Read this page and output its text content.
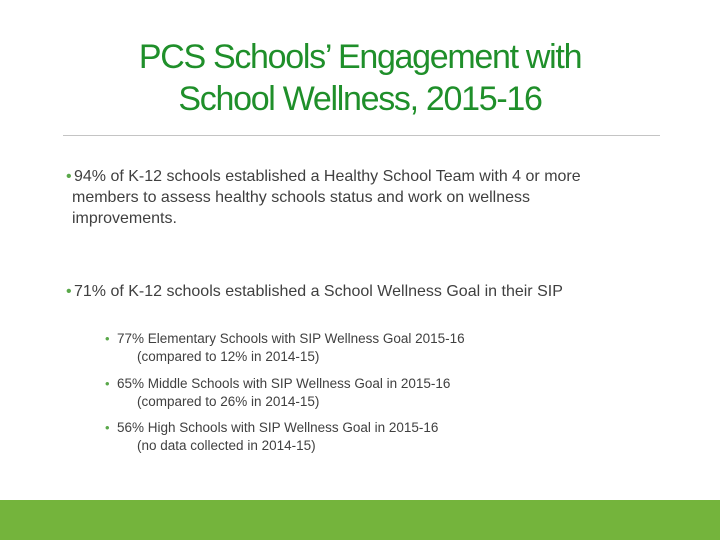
PCS Schools’ Engagement with
School Wellness, 2015-16
• 94% of K-12 schools established a Healthy School Team with 4 or more
members to assess healthy schools status and work on wellness
improvements.
• 71% of K-12 schools established a School Wellness Goal in their SIP
• 77% Elementary Schools with SIP Wellness Goal 2015-16
(compared to 12% in 2014-15)
• 65% Middle Schools with SIP Wellness Goal in 2015-16
(compared to 26% in 2014-15)
• 56% High Schools with SIP Wellness Goal in 2015-16
(no data collected in 2014-15)
